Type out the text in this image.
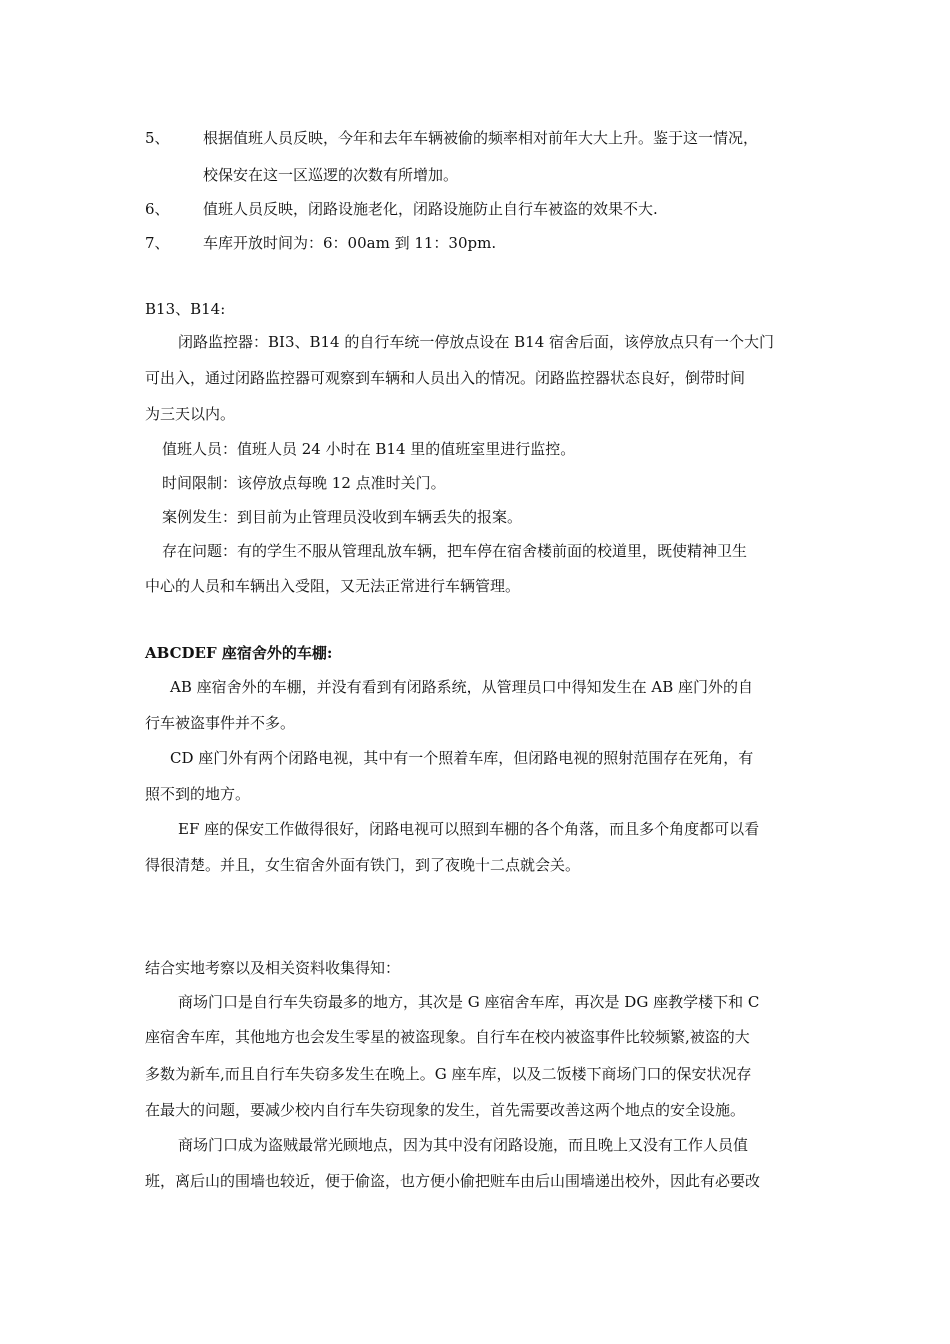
5、 根据值班人员反映，今年和去年车辆被偷的频率相对前年大大上升。鉴于这一情况，
校保安在这一区巡逻的次数有所增加。
6、 值班人员反映，闭路设施老化，闭路设施防止自行车被盗的效果不大.
7、 车库开放时间为：6：00am 到 11：30pm.
B13、B14:
闭路监控器：BI3、B14 的自行车统一停放点设在 B14 宿舍后面，该停放点只有一个大门
可出入，通过闭路监控器可观察到车辆和人员出入的情况。闭路监控器状态良好，倒带时间
为三天以内。
值班人员：值班人员 24 小时在 B14 里的值班室里进行监控。
时间限制：该停放点每晚 12 点准时关门。
案例发生：到目前为止管理员没收到车辆丢失的报案。
存在问题：有的学生不服从管理乱放车辆，把车停在宿舍楼前面的校道里，既使精神卫生
中心的人员和车辆出入受阻，又无法正常进行车辆管理。
ABCDEF 座宿舍外的车棚:
AB 座宿舍外的车棚，并没有看到有闭路系统，从管理员口中得知发生在 AB 座门外的自
行车被盗事件并不多。
CD 座门外有两个闭路电视，其中有一个照着车库，但闭路电视的照射范围存在死角，有
照不到的地方。
EF 座的保安工作做得很好，闭路电视可以照到车棚的各个角落，而且多个角度都可以看
得很清楚。并且，女生宿舍外面有铁门，到了夜晚十二点就会关。
结合实地考察以及相关资料收集得知：
商场门口是自行车失窃最多的地方，其次是 G 座宿舍车库，再次是 DG 座教学楼下和 C
座宿舍车库，其他地方也会发生零星的被盗现象。自行车在校内被盗事件比较频繁,被盗的大
多数为新车,而且自行车失窃多发生在晚上。G 座车库，以及二饭楼下商场门口的保安状况存
在最大的问题，要减少校内自行车失窃现象的发生，首先需要改善这两个地点的安全设施。
商场门口成为盗贼最常光顾地点，因为其中没有闭路设施，而且晚上又没有工作人员值
班，离后山的围墙也较近，便于偷盗，也方便小偷把赃车由后山围墙递出校外，因此有必要改
